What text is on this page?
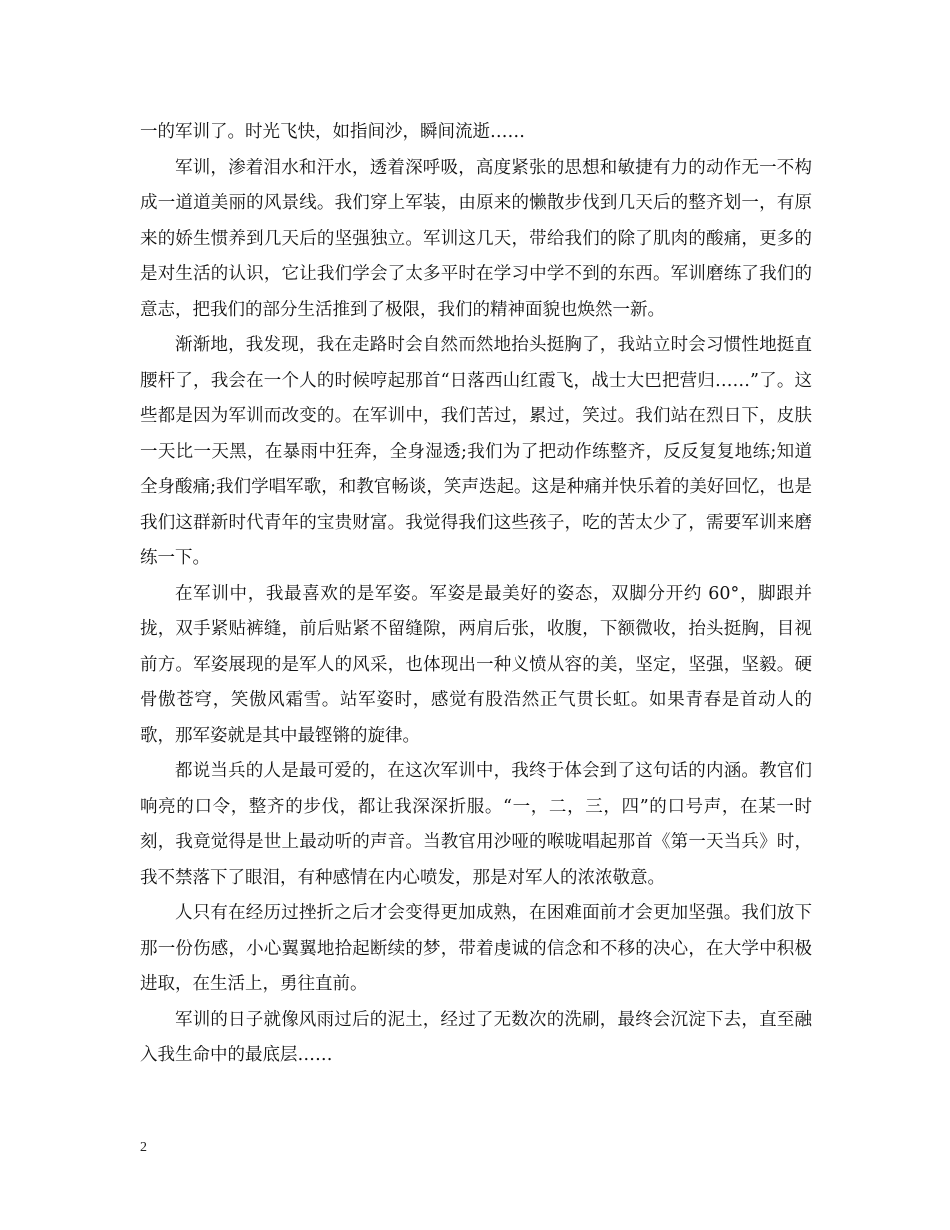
一的军训了。时光飞快，如指间沙，瞬间流逝……

军训，渗着泪水和汗水，透着深呼吸，高度紧张的思想和敏捷有力的动作无一不构成一道道美丽的风景线。我们穿上军装，由原来的懒散步伐到几天后的整齐划一，有原来的娇生惯养到几天后的坚强独立。军训这几天，带给我们的除了肌肉的酸痛，更多的是对生活的认识，它让我们学会了太多平时在学习中学不到的东西。军训磨练了我们的意志，把我们的部分生活推到了极限，我们的精神面貌也焕然一新。

渐渐地，我发现，我在走路时会自然而然地抬头挺胸了，我站立时会习惯性地挺直腰杆了，我会在一个人的时候哼起那首“日落西山红霞飞，战士大巴把营归……”了。这些都是因为军训而改变的。在军训中，我们苦过，累过，笑过。我们站在烈日下，皮肤一天比一天黑，在暴雨中狂奔，全身湿透;我们为了把动作练整齐，反反复复地练;知道全身酸痛;我们学唱军歌，和教官畅谈，笑声迭起。这是种痛并快乐着的美好回忆，也是我们这群新时代青年的宝贵财富。我觉得我们这些孩子，吃的苦太少了，需要军训来磨练一下。

在军训中，我最喜欢的是军姿。军姿是最美好的姿态，双脚分开约 60°，脚跟并拢，双手紧贴裤缝，前后贴紧不留缝隙，两肩后张，收腹，下额微收，抬头挺胸，目视前方。军姿展现的是军人的风采，也体现出一种义愤从容的美，坚定，坚强，坚毅。硬骨傲苍穹，笑傲风霜雪。站军姿时，感觉有股浩然正气贯长虹。如果青春是首动人的歌，那军姿就是其中最铿锵的旋律。

都说当兵的人是最可爱的，在这次军训中，我终于体会到了这句话的内涵。教官们响亮的口令，整齐的步伐，都让我深深折服。“一，二，三，四”的口号声，在某一时刻，我竟觉得是世上最动听的声音。当教官用沙哑的喉咙唱起那首《第一天当兵》时，我不禁落下了眼泪，有种感情在内心喷发，那是对军人的浓浓敬意。

人只有在经历过挫折之后才会变得更加成熟，在困难面前才会更加坚强。我们放下那一份伤感，小心翼翼地拾起断续的梦，带着虔诚的信念和不移的决心，在大学中积极进取，在生活上，勇往直前。

军训的日子就像风雨过后的泥土，经过了无数次的洗刷，最终会沉淀下去，直至融入我生命中的最底层……

2
